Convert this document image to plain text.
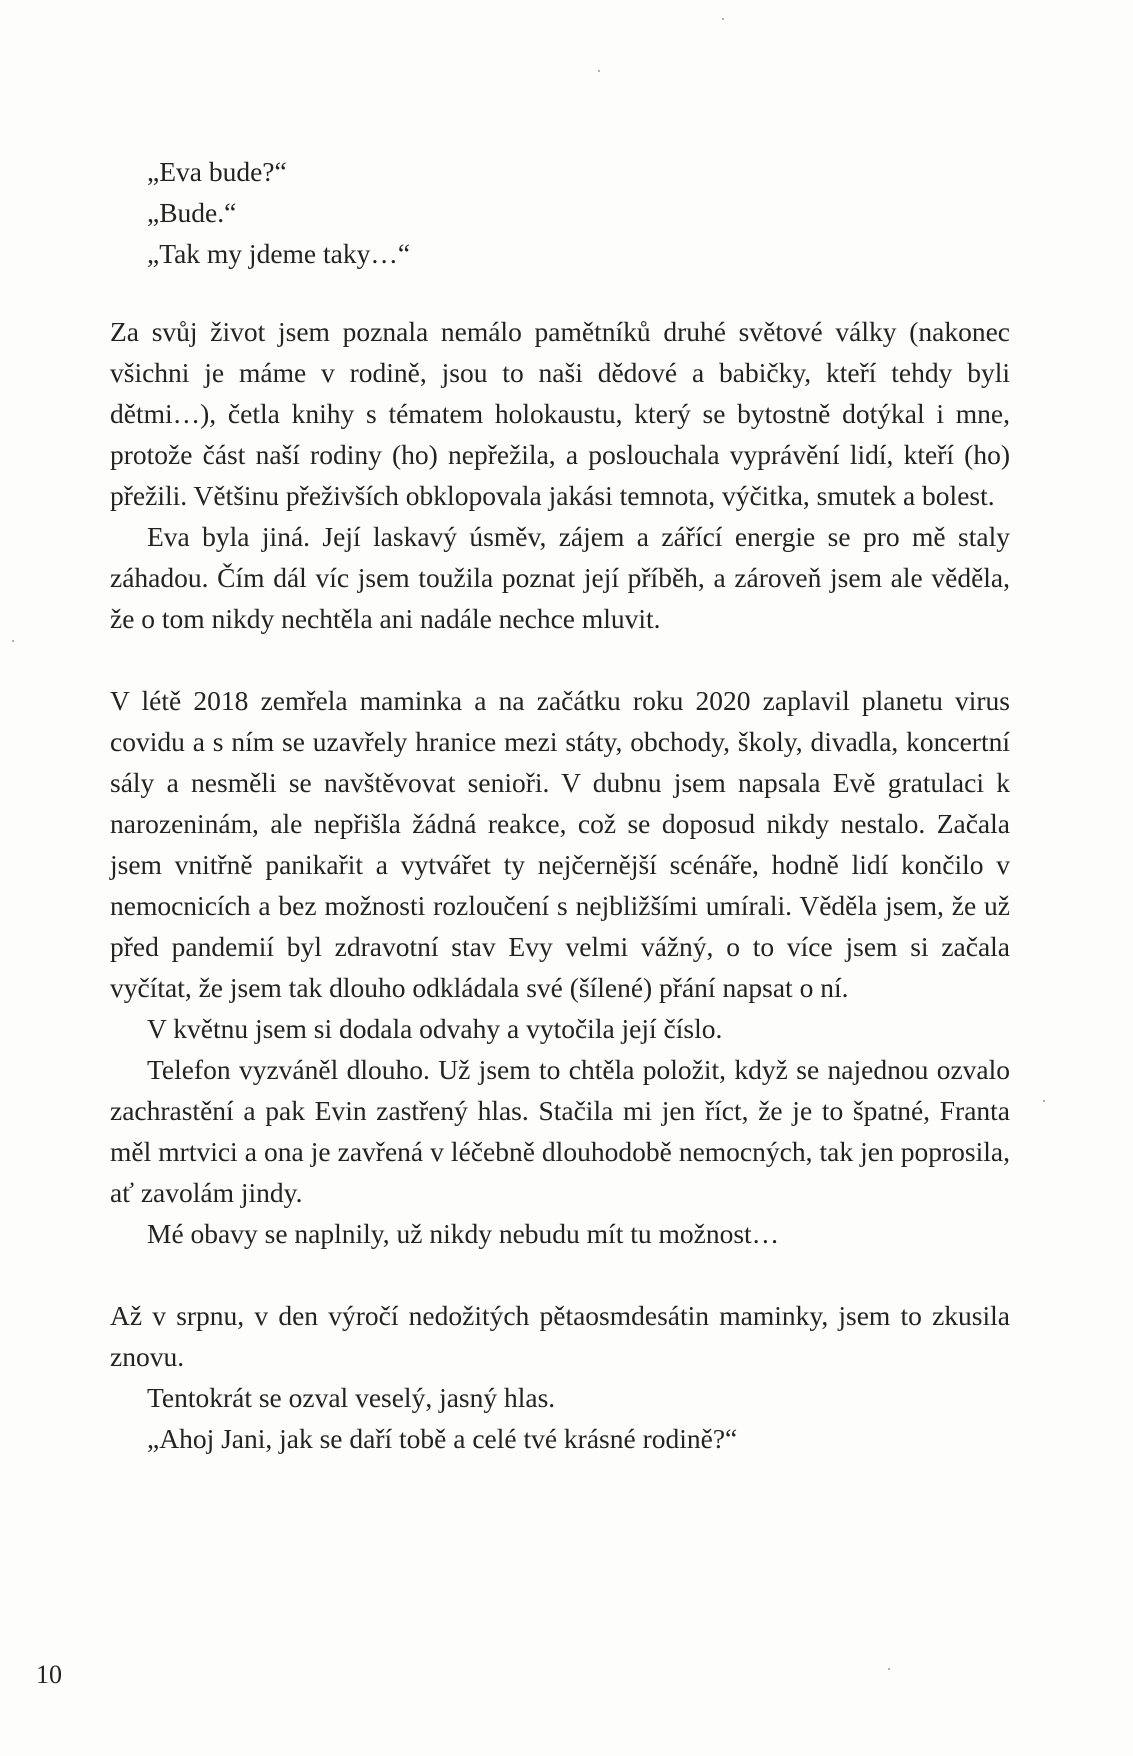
„Eva bude?“

„Bude.“

„Tak my jdeme taky…“

Za svůj život jsem poznala nemálo pamětníků druhé světové války (nakonec všichni je máme v rodině, jsou to naši dědové a babičky, kteří tehdy byli dětmi…), četla knihy s tématem holokaustu, který se bytostně dotýkal i mne, protože část naší rodiny (ho) nepřežila, a poslouchala vyprávění lidí, kteří (ho) přežili. Většinu přeživších obklopovala jakási temnota, výčitka, smutek a bolest.

Eva byla jiná. Její laskavý úsměv, zájem a zářící energie se pro mě staly záhadou. Čím dál víc jsem toužila poznat její příběh, a zároveň jsem ale věděla, že o tom nikdy nechtěla ani nadále nechce mluvit.

V létě 2018 zemřela maminka a na začátku roku 2020 zaplavil planetu virus covidu a s ním se uzavřely hranice mezi státy, obchody, školy, divadla, koncertní sály a nesměli se navštěvovat senioři. V dubnu jsem napsala Evě gratulaci k narozeninám, ale nepřišla žádná reakce, což se doposud nikdy nestalo. Začala jsem vnitřně panikařit a vytvářet ty nejčernější scénáře, hodně lidí končilo v nemocnicích a bez možnosti rozloučení s nejbližšími umírali. Věděla jsem, že už před pandemií byl zdravotní stav Evy velmi vážný, o to více jsem si začala vyčítat, že jsem tak dlouho odkládala své (šílené) přání napsat o ní.

V květnu jsem si dodala odvahy a vytočila její číslo.

Telefon vyzváněl dlouho. Už jsem to chtěla položit, když se najednou ozvalo zachrastění a pak Evin zastřený hlas. Stačila mi jen říct, že je to špatné, Franta měl mrtvici a ona je zavřená v léčebně dlouhodobě nemocných, tak jen poprosila, ať zavolám jindy.

Mé obavy se naplnily, už nikdy nebudu mít tu možnost…

Až v srpnu, v den výročí nedožitých pětaosmdesátin maminky, jsem to zkusila znovu.

Tentokrát se ozval veselý, jasný hlas.

„Ahoj Jani, jak se daří tobě a celé tvé krásné rodině?“

10
